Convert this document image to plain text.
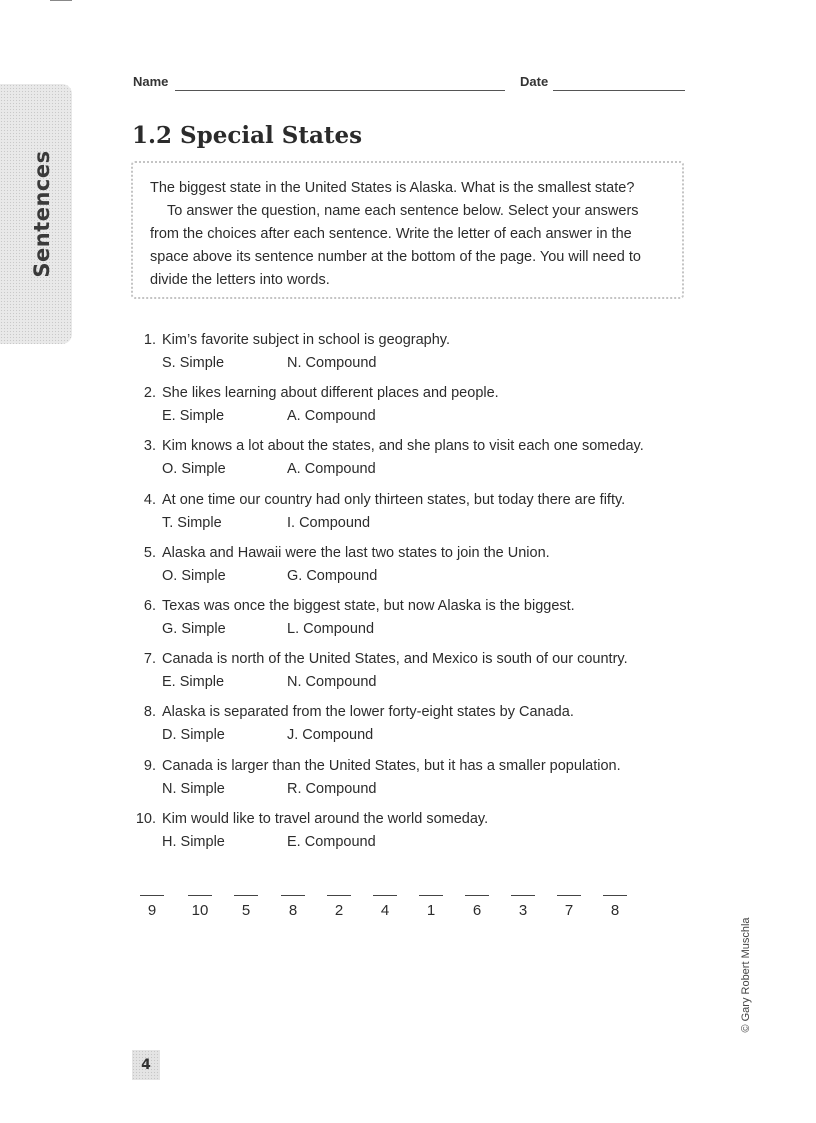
Sentences
Name	Date
1.2 Special States

The biggest state in the United States is Alaska. What is the smallest state?

To answer the question, name each sentence below. Select your answers from the choices after each sentence. Write the letter of each answer in the space above its sentence number at the bottom of the page. You will need to divide the letters into words.

1. Kim’s favorite subject in school is geography.
S. Simple	N. Compound
2. She likes learning about different places and people.
E. Simple	A. Compound
3. Kim knows a lot about the states, and she plans to visit each one someday.
O. Simple	A. Compound
4. At one time our country had only thirteen states, but today there are fifty.
T. Simple	I. Compound
5. Alaska and Hawaii were the last two states to join the Union.
O. Simple	G. Compound
6. Texas was once the biggest state, but now Alaska is the biggest.
G. Simple	L. Compound
7. Canada is north of the United States, and Mexico is south of our country.
E. Simple	N. Compound
8. Alaska is separated from the lower forty-eight states by Canada.
D. Simple	J. Compound
9. Canada is larger than the United States, but it has a smaller population.
N. Simple	R. Compound
10. Kim would like to travel around the world someday.
H. Simple	E. Compound
9	10	5	8	2	4	1	6	3	7	8
© Gary Robert Muschla
4
